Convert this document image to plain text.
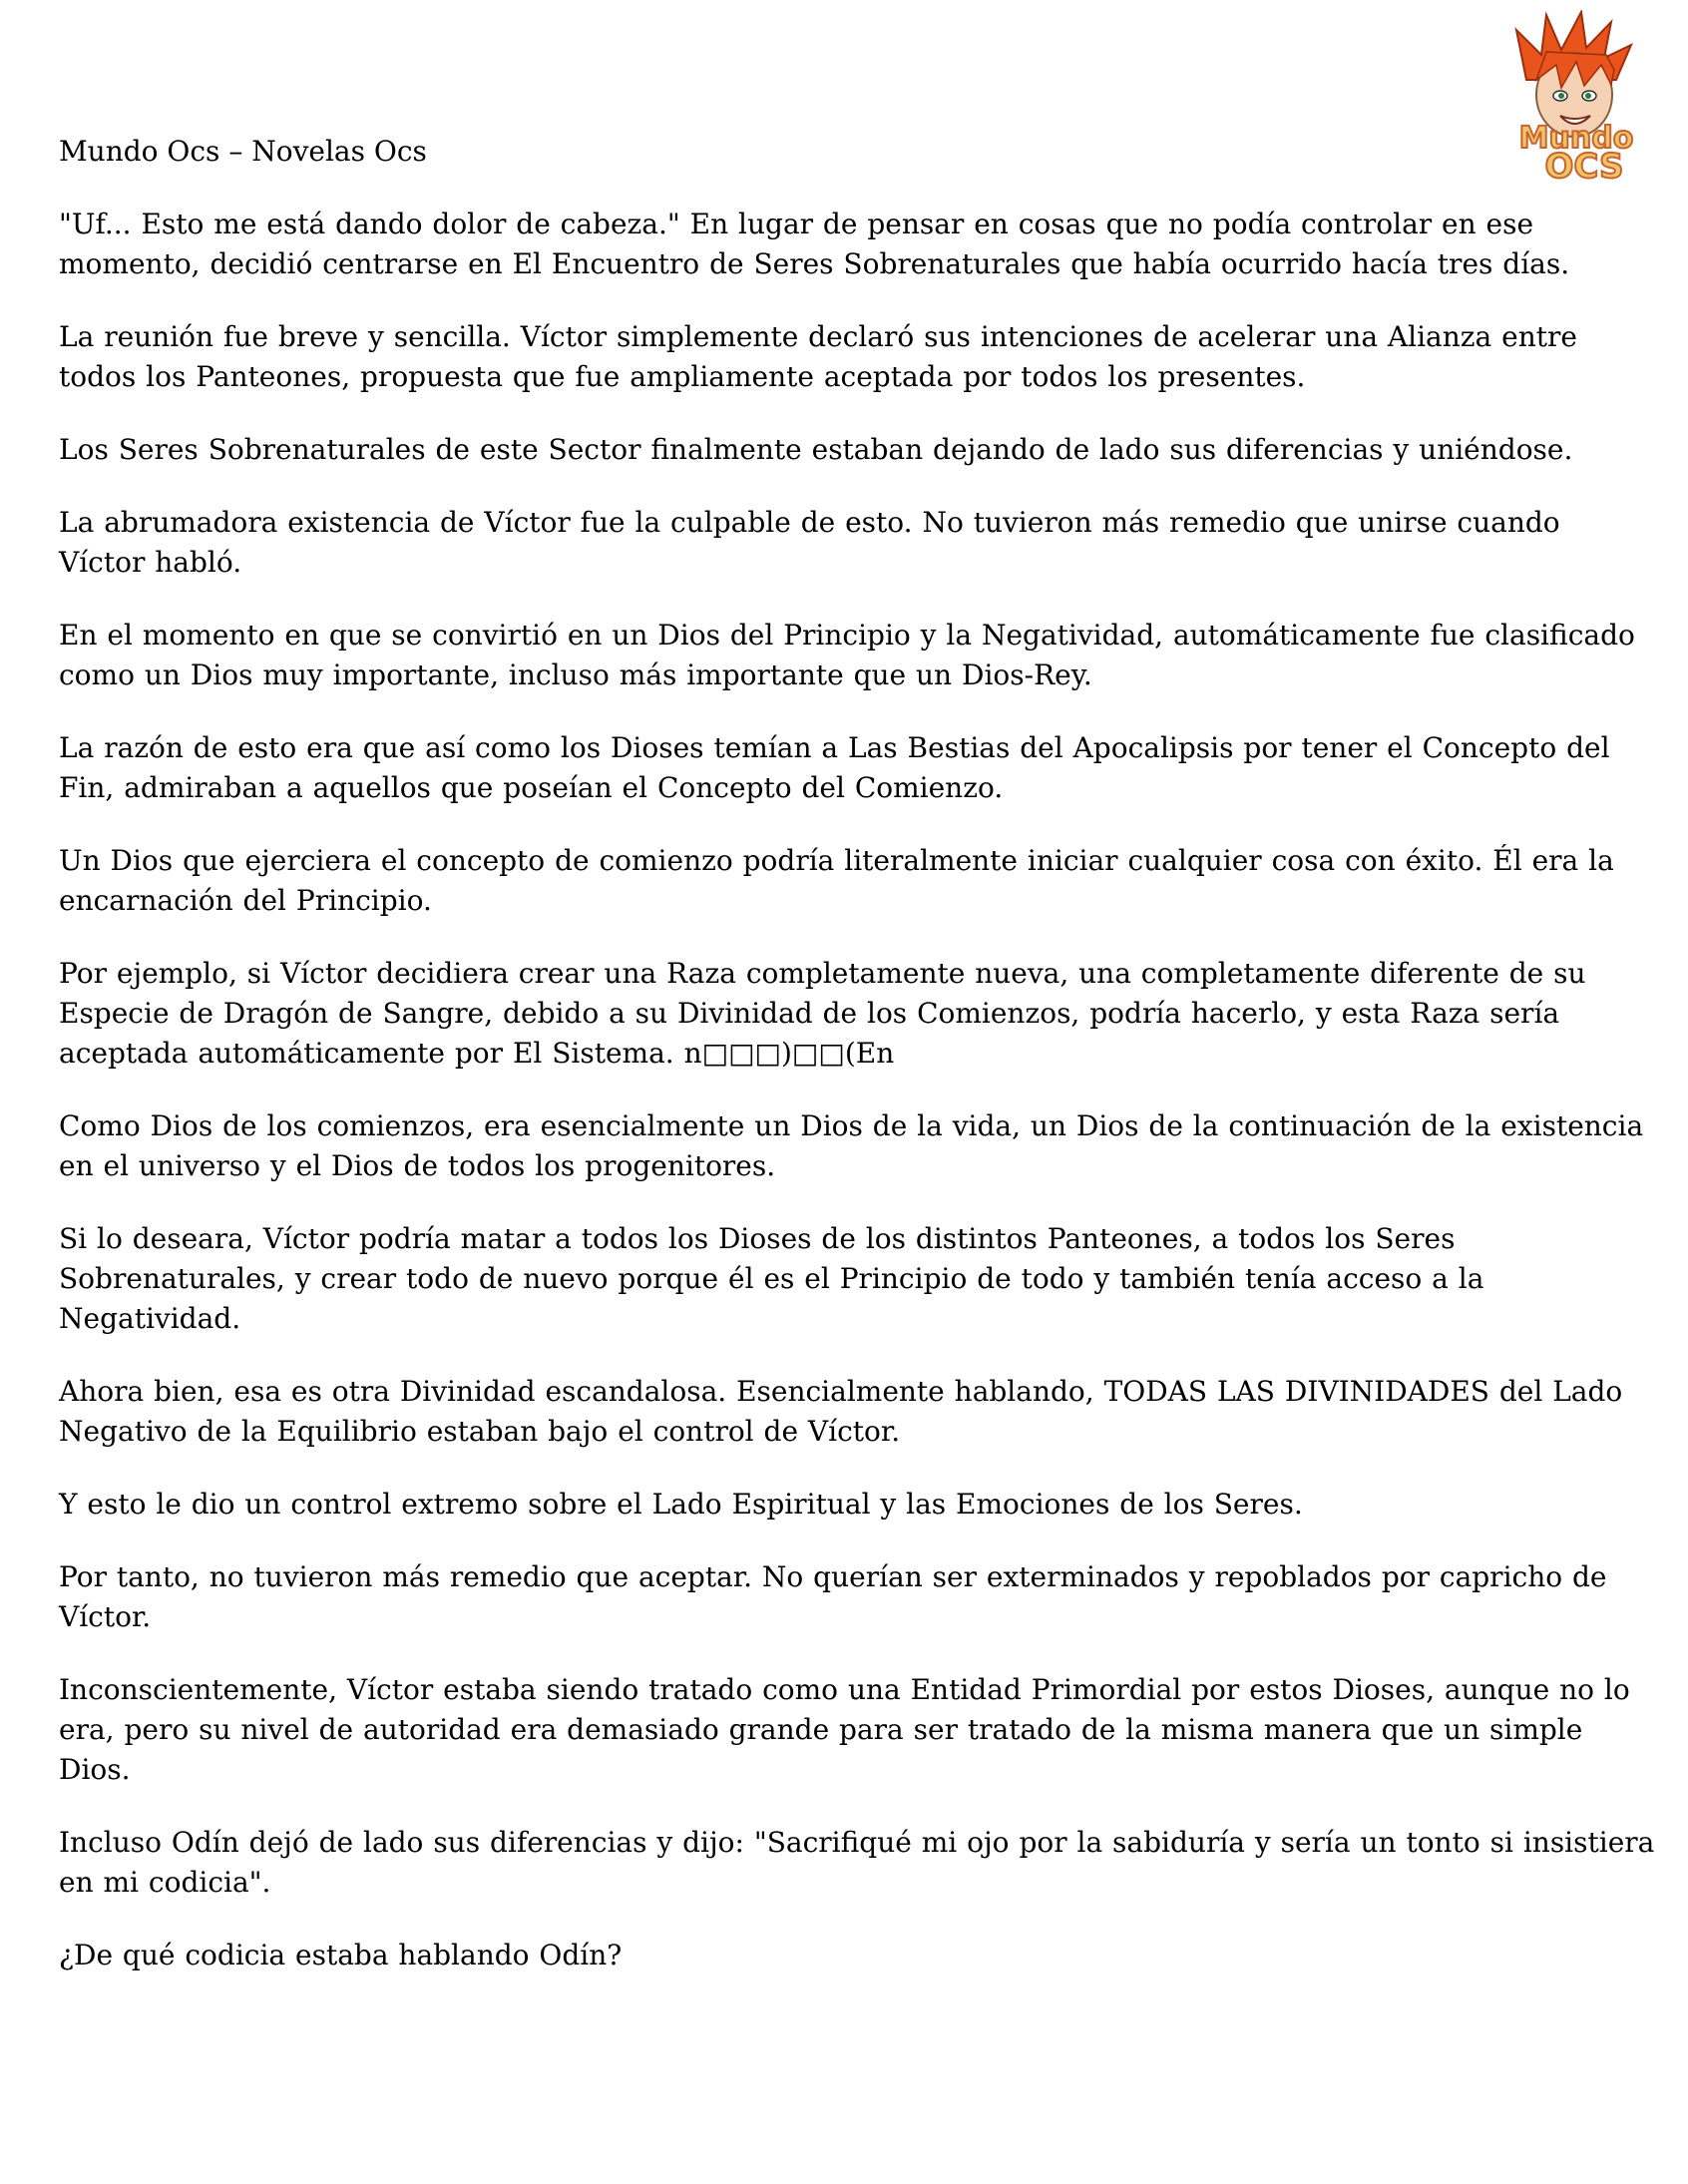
Mundo Ocs – Novelas Ocs	Mundo
OCS

"Uf... Esto me está dando dolor de cabeza." En lugar de pensar en cosas que no podía controlar en ese momento, decidió centrarse en El Encuentro de Seres Sobrenaturales que había ocurrido hacía tres días.

La reunión fue breve y sencilla. Víctor simplemente declaró sus intenciones de acelerar una Alianza entre todos los Panteones, propuesta que fue ampliamente aceptada por todos los presentes.

Los Seres Sobrenaturales de este Sector finalmente estaban dejando de lado sus diferencias y uniéndose.

La abrumadora existencia de Víctor fue la culpable de esto. No tuvieron más remedio que unirse cuando Víctor habló.

En el momento en que se convirtió en un Dios del Principio y la Negatividad, automáticamente fue clasificado como un Dios muy importante, incluso más importante que un Dios-Rey.

La razón de esto era que así como los Dioses temían a Las Bestias del Apocalipsis por tener el Concepto del Fin, admiraban a aquellos que poseían el Concepto del Comienzo.

Un Dios que ejerciera el concepto de comienzo podría literalmente iniciar cualquier cosa con éxito. Él era la encarnación del Principio.

Por ejemplo, si Víctor decidiera crear una Raza completamente nueva, una completamente diferente de su Especie de Dragón de Sangre, debido a su Divinidad de los Comienzos, podría hacerlo, y esta Raza sería aceptada automáticamente por El Sistema. n□□□)□□(En

Como Dios de los comienzos, era esencialmente un Dios de la vida, un Dios de la continuación de la existencia en el universo y el Dios de todos los progenitores.

Si lo deseara, Víctor podría matar a todos los Dioses de los distintos Panteones, a todos los Seres Sobrenaturales, y crear todo de nuevo porque él es el Principio de todo y también tenía acceso a la Negatividad.

Ahora bien, esa es otra Divinidad escandalosa. Esencialmente hablando, TODAS LAS DIVINIDADES del Lado Negativo de la Equilibrio estaban bajo el control de Víctor.

Y esto le dio un control extremo sobre el Lado Espiritual y las Emociones de los Seres.

Por tanto, no tuvieron más remedio que aceptar. No querían ser exterminados y repoblados por capricho de Víctor.

Inconscientemente, Víctor estaba siendo tratado como una Entidad Primordial por estos Dioses, aunque no lo era, pero su nivel de autoridad era demasiado grande para ser tratado de la misma manera que un simple Dios.

Incluso Odín dejó de lado sus diferencias y dijo: "Sacrifiqué mi ojo por la sabiduría y sería un tonto si insistiera en mi codicia".

¿De qué codicia estaba hablando Odín?
